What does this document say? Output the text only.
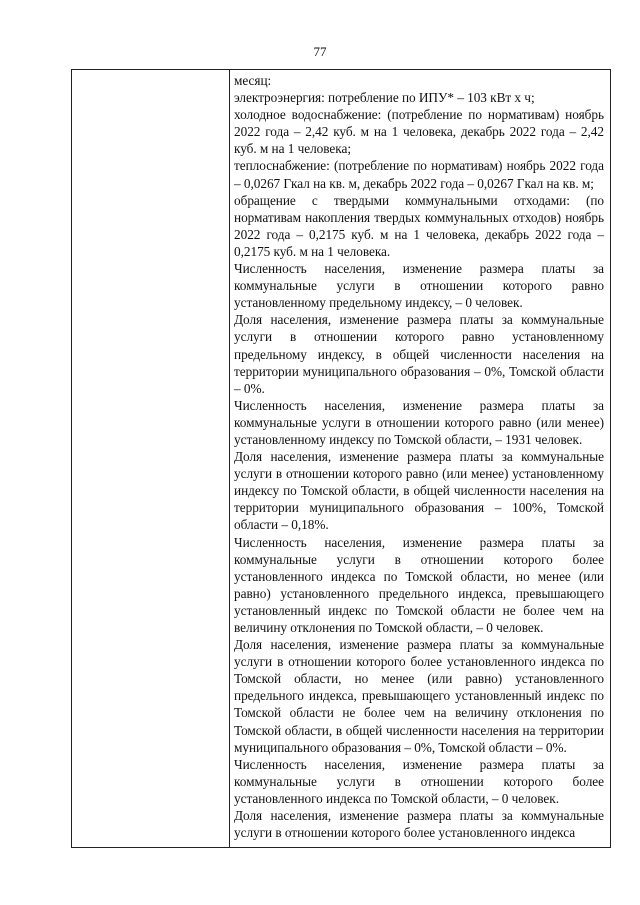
77

месяц:

электроэнергия: потребление по ИПУ* – 103 кВт х ч;

холодное водоснабжение: (потребление по нормативам) ноябрь 2022 года – 2,42 куб. м на 1 человека, декабрь 2022 года – 2,42 куб. м на 1 человека;

теплоснабжение: (потребление по нормативам) ноябрь 2022 года – 0,0267 Гкал на кв. м, декабрь 2022 года – 0,0267 Гкал на кв. м;

обращение с твердыми коммунальными отходами: (по нормативам накопления твердых коммунальных отходов) ноябрь 2022 года – 0,2175 куб. м на 1 человека, декабрь 2022 года – 0,2175 куб. м на 1 человека.

Численность населения, изменение размера платы за коммунальные услуги в отношении которого равно установленному предельному индексу, – 0 человек.

Доля населения, изменение размера платы за коммунальные услуги в отношении которого равно установленному предельному индексу, в общей численности населения на территории муниципального образования – 0%, Томской области – 0%.

Численность населения, изменение размера платы за коммунальные услуги в отношении которого равно (или менее) установленному индексу по Томской области, – 1931 человек.

Доля населения, изменение размера платы за коммунальные услуги в отношении которого равно (или менее) установленному индексу по Томской области, в общей численности населения на территории муниципального образования – 100%, Томской области – 0,18%.

Численность населения, изменение размера платы за коммунальные услуги в отношении которого более установленного индекса по Томской области, но менее (или равно) установленного предельного индекса, превышающего установленный индекс по Томской области не более чем на величину отклонения по Томской области, – 0 человек.

Доля населения, изменение размера платы за коммунальные услуги в отношении которого более установленного индекса по Томской области, но менее (или равно) установленного предельного индекса, превышающего установленный индекс по Томской области не более чем на величину отклонения по Томской области, в общей численности населения на территории муниципального образования – 0%, Томской области – 0%.

Численность населения, изменение размера платы за коммунальные услуги в отношении которого более установленного индекса по Томской области, – 0 человек.

Доля населения, изменение размера платы за коммунальные услуги в отношении которого более установленного индекса
